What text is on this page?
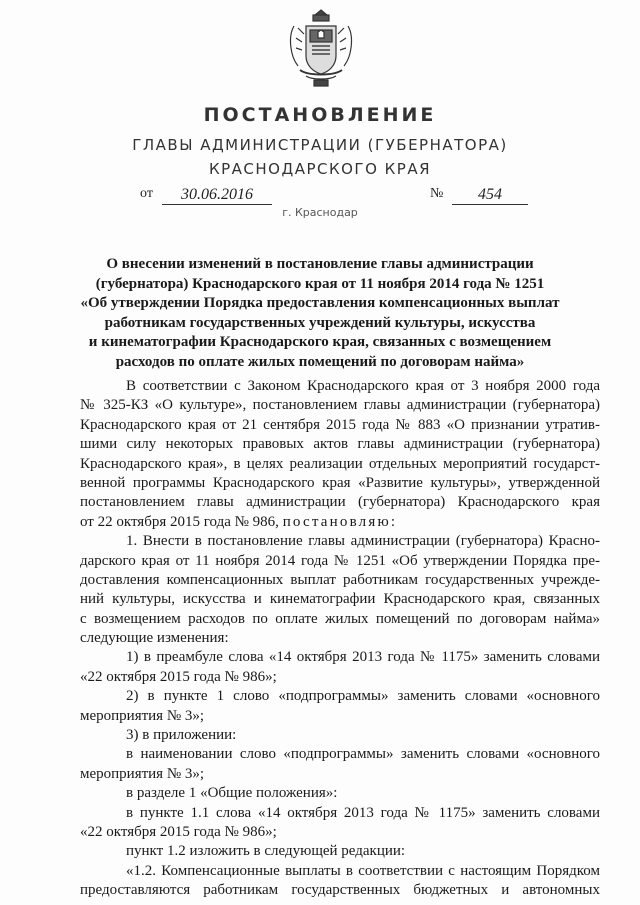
ПОСТАНОВЛЕНИЕ
ГЛАВЫ АДМИНИСТРАЦИИ (ГУБЕРНАТОРА)
КРАСНОДАРСКОГО КРАЯ
от	30.06.2016	№	454
г. Краснодар
О внесении изменений в постановление главы администрации
(губернатора) Краснодарского края от 11 ноября 2014 года № 1251
«Об утверждении Порядка предоставления компенсационных выплат
работникам государственных учреждений культуры, искусства
и кинематографии Краснодарского края, связанных с возмещением
расходов по оплате жилых помещений по договорам найма»
В соответствии с Законом Краснодарского края от 3 ноября 2000 года
№ 325-КЗ «О культуре», постановлением главы администрации (губернатора)
Краснодарского края от 21 сентября 2015 года № 883 «О признании утратив-
шими силу некоторых правовых актов главы администрации (губернатора)
Краснодарского края», в целях реализации отдельных мероприятий государст-
венной программы Краснодарского края «Развитие культуры», утвержденной
постановлением главы администрации (губернатора) Краснодарского края
от 22 октября 2015 года № 986, постановляю:
1. Внести в постановление главы администрации (губернатора) Красно-
дарского края от 11 ноября 2014 года № 1251 «Об утверждении Порядка пре-
доставления компенсационных выплат работникам государственных учрежде-
ний культуры, искусства и кинематографии Краснодарского края, связанных
с возмещением расходов по оплате жилых помещений по договорам найма»
следующие изменения:
1) в преамбуле слова «14 октября 2013 года № 1175» заменить словами
«22 октября 2015 года № 986»;
2) в пункте 1 слово «подпрограммы» заменить словами «основного
мероприятия № 3»;
3) в приложении:
в наименовании слово «подпрограммы» заменить словами «основного
мероприятия № 3»;
в разделе 1 «Общие положения»:
в пункте 1.1 слова «14 октября 2013 года № 1175» заменить словами
«22 октября 2015 года № 986»;
пункт 1.2 изложить в следующей редакции:
«1.2. Компенсационные выплаты в соответствии с настоящим Порядком
предоставляются работникам государственных бюджетных и автономных
